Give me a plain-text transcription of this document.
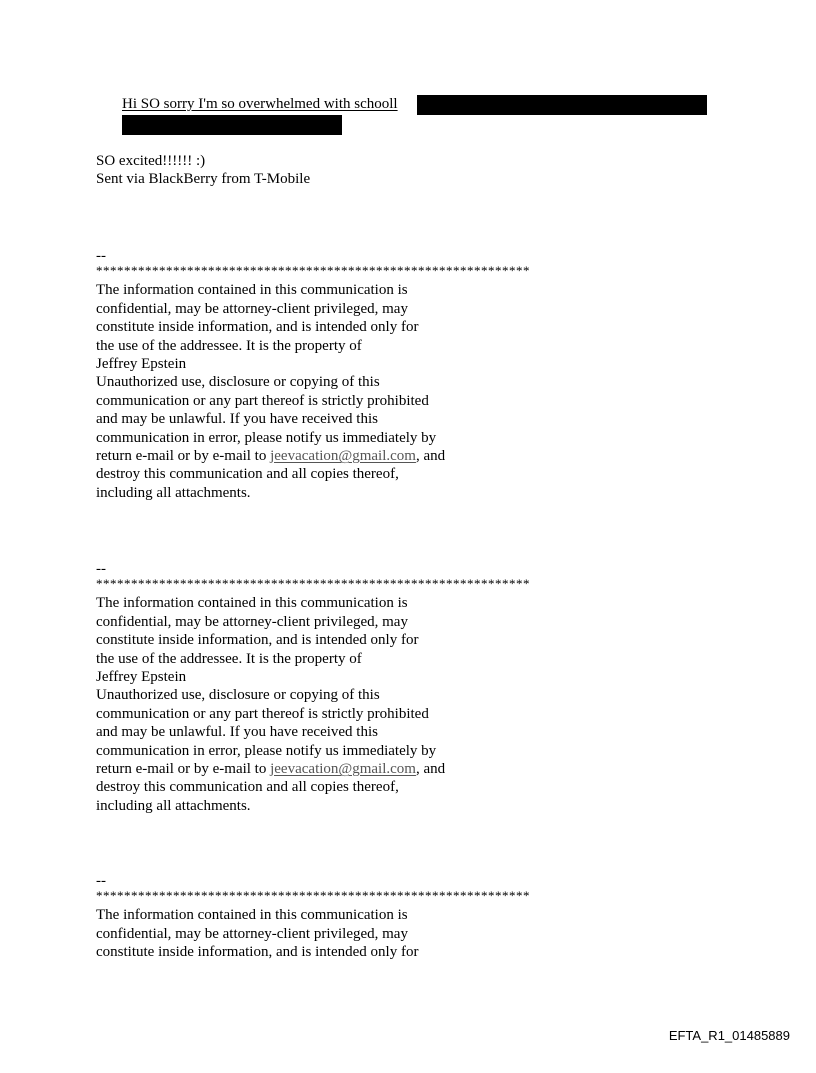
Hi SO sorry I'm so overwhelmed with schooll
SO excited!!!!!! :)
Sent via BlackBerry from T-Mobile
--
**************************************************************
The information contained in this communication is
confidential, may be attorney-client privileged, may
constitute inside information, and is intended only for
the use of the addressee. It is the property of
Jeffrey Epstein
Unauthorized use, disclosure or copying of this
communication or any part thereof is strictly prohibited
and may be unlawful. If you have received this
communication in error, please notify us immediately by
return e-mail or by e-mail to jeevacation@gmail.com, and
destroy this communication and all copies thereof,
including all attachments.
--
**************************************************************
The information contained in this communication is
confidential, may be attorney-client privileged, may
constitute inside information, and is intended only for
the use of the addressee. It is the property of
Jeffrey Epstein
Unauthorized use, disclosure or copying of this
communication or any part thereof is strictly prohibited
and may be unlawful. If you have received this
communication in error, please notify us immediately by
return e-mail or by e-mail to jeevacation@gmail.com, and
destroy this communication and all copies thereof,
including all attachments.
--
**************************************************************
The information contained in this communication is
confidential, may be attorney-client privileged, may
constitute inside information, and is intended only for
EFTA_R1_01485889
